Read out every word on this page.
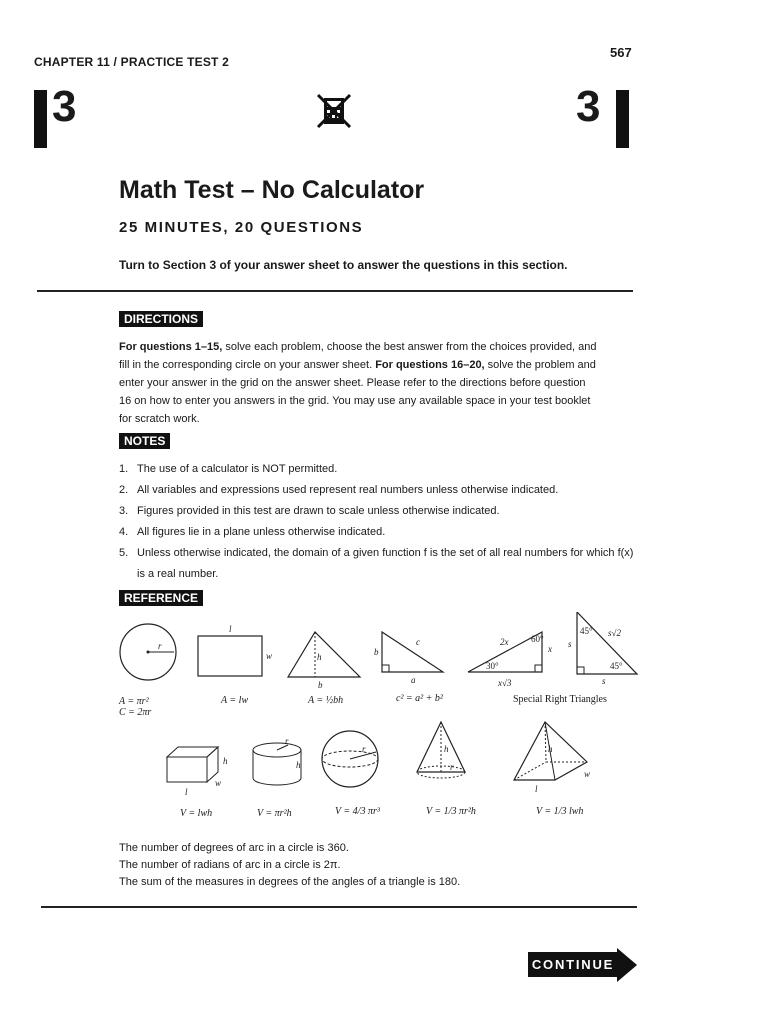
CHAPTER 11 / PRACTICE TEST 2
567
3	3
Math Test – No Calculator
25 MINUTES, 20 QUESTIONS
Turn to Section 3 of your answer sheet to answer the questions in this section.
DIRECTIONS
For questions 1–15, solve each problem, choose the best answer from the choices provided, and fill in the corresponding circle on your answer sheet. For questions 16–20, solve the problem and enter your answer in the grid on the answer sheet. Please refer to the directions before question 16 on how to enter you answers in the grid. You may use any available space in your test booklet for scratch work.
NOTES
1. The use of a calculator is NOT permitted.
2. All variables and expressions used represent real numbers unless otherwise indicated.
3. Figures provided in this test are drawn to scale unless otherwise indicated.
4. All figures lie in a plane unless otherwise indicated.
5. Unless otherwise indicated, the domain of a given function f is the set of all real numbers for which f(x) is a real number.
REFERENCE
r
l
w	h
b
c
b
a
2x	60°
x
30°
x√3
45° s√2
s
45°
s
h
w
l
r
h
r	h
r
h
w
l
A = πr²
C = 2πr
A = lw	A = ½bh	c² = a² + b²	Special Right Triangles
V = lwh	V = πr²h	V = 4/3 πr³	V = 1/3 πr²h	V = 1/3 lwh
The number of degrees of arc in a circle is 360.
The number of radians of arc in a circle is 2π.
The sum of the measures in degrees of the angles of a triangle is 180.
CONTINUE
